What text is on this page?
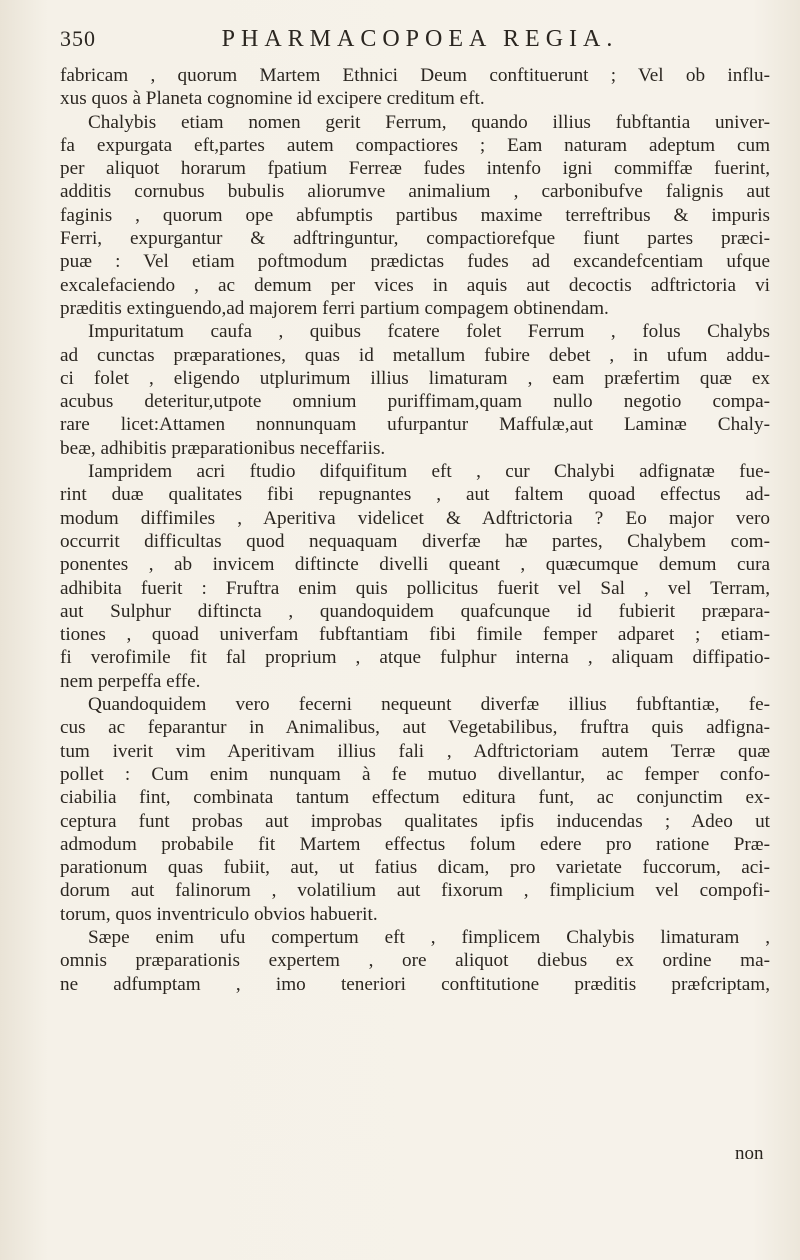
350	PHARMACOPOEA REGIA.
fabricam , quorum Martem Ethnici Deum conftituerunt ; Vel ob influ-
xus quos à Planeta cognomine id excipere creditum eft.
Chalybis etiam nomen gerit Ferrum, quando illius fubftantia univer-
fa expurgata eft,partes autem compactiores ; Eam naturam adeptum cum
per aliquot horarum fpatium Ferreæ fudes intenfo igni commiffæ fuerint,
additis cornubus bubulis aliorumve animalium , carbonibufve falignis aut
faginis , quorum ope abfumptis partibus maxime terreftribus & impuris
Ferri, expurgantur & adftringuntur, compactiorefque fiunt partes præci-
puæ : Vel etiam poftmodum prædictas fudes ad excandefcentiam ufque
excalefaciendo , ac demum per vices in aquis aut decoctis adftrictoria vi
præditis extinguendo,ad majorem ferri partium compagem obtinendam.
Impuritatum caufa , quibus fcatere folet Ferrum , folus Chalybs
ad cunctas præparationes, quas id metallum fubire debet , in ufum addu-
ci folet , eligendo utplurimum illius limaturam , eam præfertim quæ ex
acubus deteritur,utpote omnium puriffimam,quam nullo negotio compa-
rare licet:Attamen nonnunquam ufurpantur Maffulæ,aut Laminæ Chaly-
beæ, adhibitis præparationibus neceffariis.
Iampridem acri ftudio difquifitum eft , cur Chalybi adfignatæ fue-
rint duæ qualitates fibi repugnantes , aut faltem quoad effectus ad-
modum diffimiles , Aperitiva videlicet & Adftrictoria ? Eo major vero
occurrit difficultas quod nequaquam diverfæ hæ partes, Chalybem com-
ponentes , ab invicem diftincte divelli queant , quæcumque demum cura
adhibita fuerit : Fruftra enim quis pollicitus fuerit vel Sal , vel Terram,
aut Sulphur diftincta , quandoquidem quafcunque id fubierit præpara-
tiones , quoad univerfam fubftantiam fibi fimile femper adparet ; etiam-
fi verofimile fit fal proprium , atque fulphur interna , aliquam diffipatio-
nem perpeffa effe.
Quandoquidem vero fecerni nequeunt diverfæ illius fubftantiæ, fe-
cus ac feparantur in Animalibus, aut Vegetabilibus, fruftra quis adfigna-
tum iverit vim Aperitivam illius fali , Adftrictoriam autem Terræ quæ
pollet : Cum enim nunquam à fe mutuo divellantur, ac femper confo-
ciabilia fint, combinata tantum effectum editura funt, ac conjunctim ex-
ceptura funt probas aut improbas qualitates ipfis inducendas ; Adeo ut
admodum probabile fit Martem effectus folum edere pro ratione Præ-
parationum quas fubiit, aut, ut fatius dicam, pro varietate fuccorum, aci-
dorum aut falinorum , volatilium aut fixorum , fimplicium vel compofi-
torum, quos inventriculo obvios habuerit.
Sæpe enim ufu compertum eft , fimplicem Chalybis limaturam ,
omnis præparationis expertem , ore aliquot diebus ex ordine ma-
ne adfumptam , imo teneriori conftitutione præditis præfcriptam,
non
